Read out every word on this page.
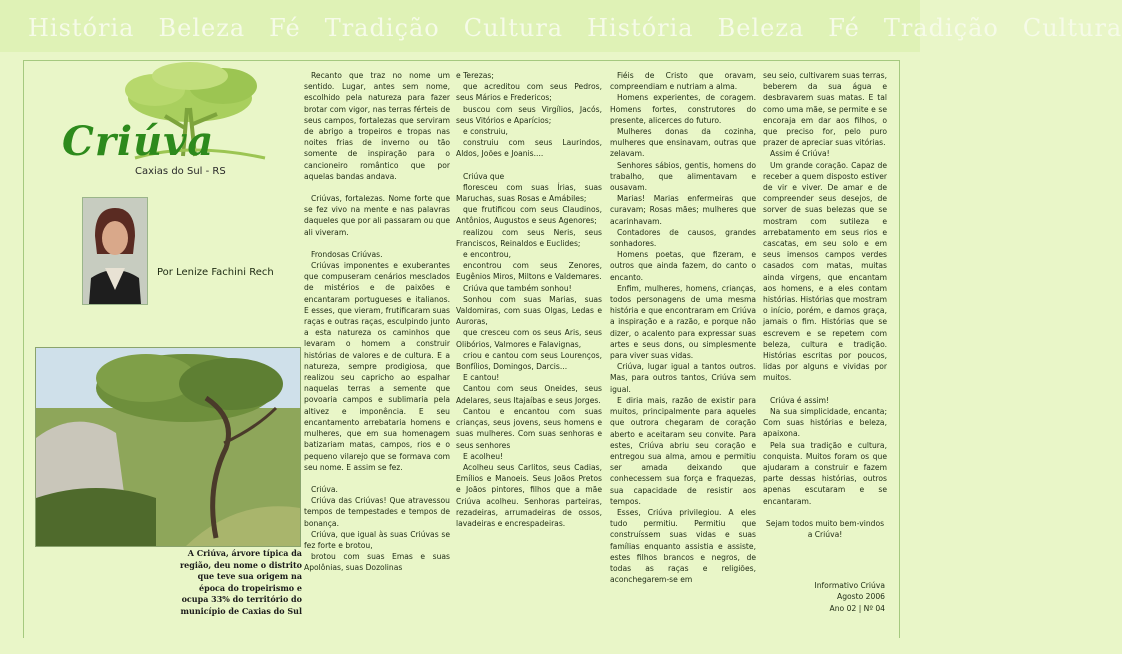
História Beleza Fé Tradição Cultura História Beleza Fé Tradição Cultura
Criúva
Caxias do Sul - RS
Por Lenize Fachini Rech
A Criúva, árvore típica da região, deu nome o distrito que teve sua origem na época do tropeirismo e ocupa 33% do território do município de Caxias do Sul

Recanto que traz no nome um sentido. Lugar, antes sem nome, escolhido pela natureza para fazer brotar com vigor, nas terras férteis de seus campos, fortalezas que serviram de abrigo a tropeiros e tropas nas noites frias de inverno ou tão somente de inspiração para o cancioneiro romântico que por aquelas bandas andava.

Criúvas, fortalezas. Nome forte que se fez vivo na mente e nas palavras daqueles que por ali passaram ou que ali viveram.

Frondosas Criúvas.

Criúvas imponentes e exuberantes que compuseram cenários mesclados de mistérios e de paixões e encantaram portugueses e italianos. E esses, que vieram, frutificaram suas raças e outras raças, esculpindo junto a esta natureza os caminhos que levaram o homem a construir histórias de valores e de cultura. E a natureza, sempre prodigiosa, que realizou seu capricho ao espalhar naquelas terras a semente que povoaria campos e sublimaria pela altivez e imponência. E seu encantamento arrebataria homens e mulheres, que em sua homenagem batizariam matas, campos, rios e o pequeno vilarejo que se formava com seu nome. E assim se fez.

Criúva.

Criúva das Criúvas! Que atravessou tempos de tempestades e tempos de bonança.

Criúva, que igual às suas Criúvas se fez forte e brotou,

brotou com suas Emas e suas Apolônias, suas Dozolinas

e Terezas;

que acreditou com seus Pedros, seus Mários e Fredericos;

buscou com seus Virgílios, Jacós, seus Vitórios e Aparícios;

e construiu,

construiu com seus Laurindos, Aldos, Joões e Joanis....

Criúva que

floresceu com suas Írias, suas Maruchas, suas Rosas e Amábiles;

que frutificou com seus Claudinos, Antônios, Augustos e seus Agenores;

realizou com seus Neris, seus Franciscos, Reinaldos e Euclides;

e encontrou,

encontrou com seus Zenores, Eugênios Miros, Miltons e Valdemares.

Criúva que também sonhou!

Sonhou com suas Marias, suas Valdomiras, com suas Olgas, Ledas e Auroras,

que cresceu com os seus Aris, seus Olibórios, Valmores e Falavignas,

criou e cantou com seus Lourenços, Bonfílios, Domingos, Darcis...

E cantou!

Cantou com seus Oneides, seus Adelares, seus Itajaíbas e seus Jorges.

Cantou e encantou com suas crianças, seus jovens, seus homens e suas mulheres. Com suas senhoras e seus senhores

E acolheu!

Acolheu seus Carlitos, seus Cadias, Emílios e Manoeis. Seus Joãos Pretos e Joãos pintores, filhos que a mãe Criúva acolheu. Senhoras parteiras, rezadeiras, arrumadeiras de ossos, lavadeiras e encrespadeiras.

Fiéis de Cristo que oravam, compreendiam e nutriam a alma.

Homens experientes, de coragem. Homens fortes, construtores do presente, alicerces do futuro.

Mulheres donas da cozinha, mulheres que ensinavam, outras que zelavam.

Senhores sábios, gentis, homens do trabalho, que alimentavam e ousavam.

Marias! Marias enfermeiras que curavam; Rosas mães; mulheres que acarinhavam.

Contadores de causos, grandes sonhadores.

Homens poetas, que fizeram, e outros que ainda fazem, do canto o encanto.

Enfim, mulheres, homens, crianças, todos personagens de uma mesma história e que encontraram em Criúva a inspiração e a razão, e porque não dizer, o acalento para expressar suas artes e seus dons, ou simplesmente para viver suas vidas.

Criúva, lugar igual a tantos outros. Mas, para outros tantos, Criúva sem igual.

E diria mais, razão de existir para muitos, principalmente para aqueles que outrora chegaram de coração aberto e aceitaram seu convite. Para estes, Criúva abriu seu coração e entregou sua alma, amou e permitiu ser amada deixando que conhecessem sua força e fraquezas, sua capacidade de resistir aos tempos.

Esses, Criúva privilegiou. A eles tudo permitiu. Permitiu que construíssem suas vidas e suas famílias enquanto assistia e assiste, estes filhos brancos e negros, de todas as raças e religiões, aconchegarem-se em

seu seio, cultivarem suas terras, beberem da sua água e desbravarem suas matas. E tal como uma mãe, se permite e se encoraja em dar aos filhos, o que preciso for, pelo puro prazer de apreciar suas vitórias.

Assim é Criúva!

Um grande coração. Capaz de receber a quem disposto estiver de vir e viver. De amar e de compreender seus desejos, de sorver de suas belezas que se mostram com sutileza e arrebatamento em seus rios e cascatas, em seu solo e em seus imensos campos verdes casados com matas, muitas ainda virgens, que encantam aos homens, e a eles contam histórias. Histórias que mostram o início, porém, e damos graça, jamais o fim. Histórias que se escrevem e se repetem com beleza, cultura e tradição. Histórias escritas por poucos, lidas por alguns e vividas por muitos.

Criúva é assim!

Na sua simplicidade, encanta; Com suas histórias e beleza, apaixona.

Pela sua tradição e cultura, conquista. Muitos foram os que ajudaram a construir e fazem parte dessas histórias, outros apenas escutaram e se encantaram.

Sejam todos muito bem-vindos a Criúva!

Informativo Criúva
Agosto 2006
Ano 02 | Nº 04
